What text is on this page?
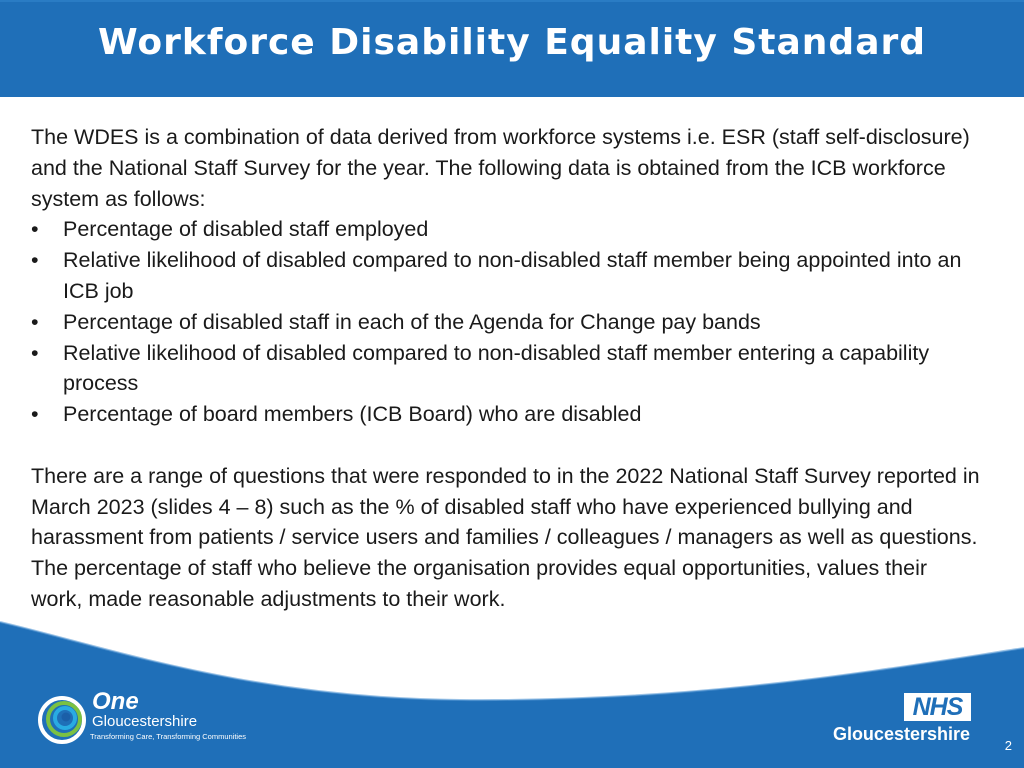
Workforce Disability Equality Standard

The WDES is a combination of data derived from workforce systems i.e. ESR (staff self-disclosure) and the National Staff Survey for the year. The following data is obtained from the ICB workforce system as follows:

• Percentage of disabled staff employed
• Relative likelihood of disabled compared to non-disabled staff member being appointed into an ICB job
• Percentage of disabled staff in each of the Agenda for Change pay bands
• Relative likelihood of disabled compared to non-disabled staff member entering a capability process
• Percentage of board members (ICB Board) who are disabled

There are a range of questions that were responded to in the 2022 National Staff Survey reported in March 2023 (slides 4 – 8) such as the % of disabled staff who have experienced bullying and harassment from patients / service users and families / colleagues / managers as well as questions. The percentage of staff who believe the organisation provides equal opportunities, values their work, made reasonable adjustments to their work.

One
Gloucestershire
Transforming Care, Transforming Communities
NHS
Gloucestershire
2
